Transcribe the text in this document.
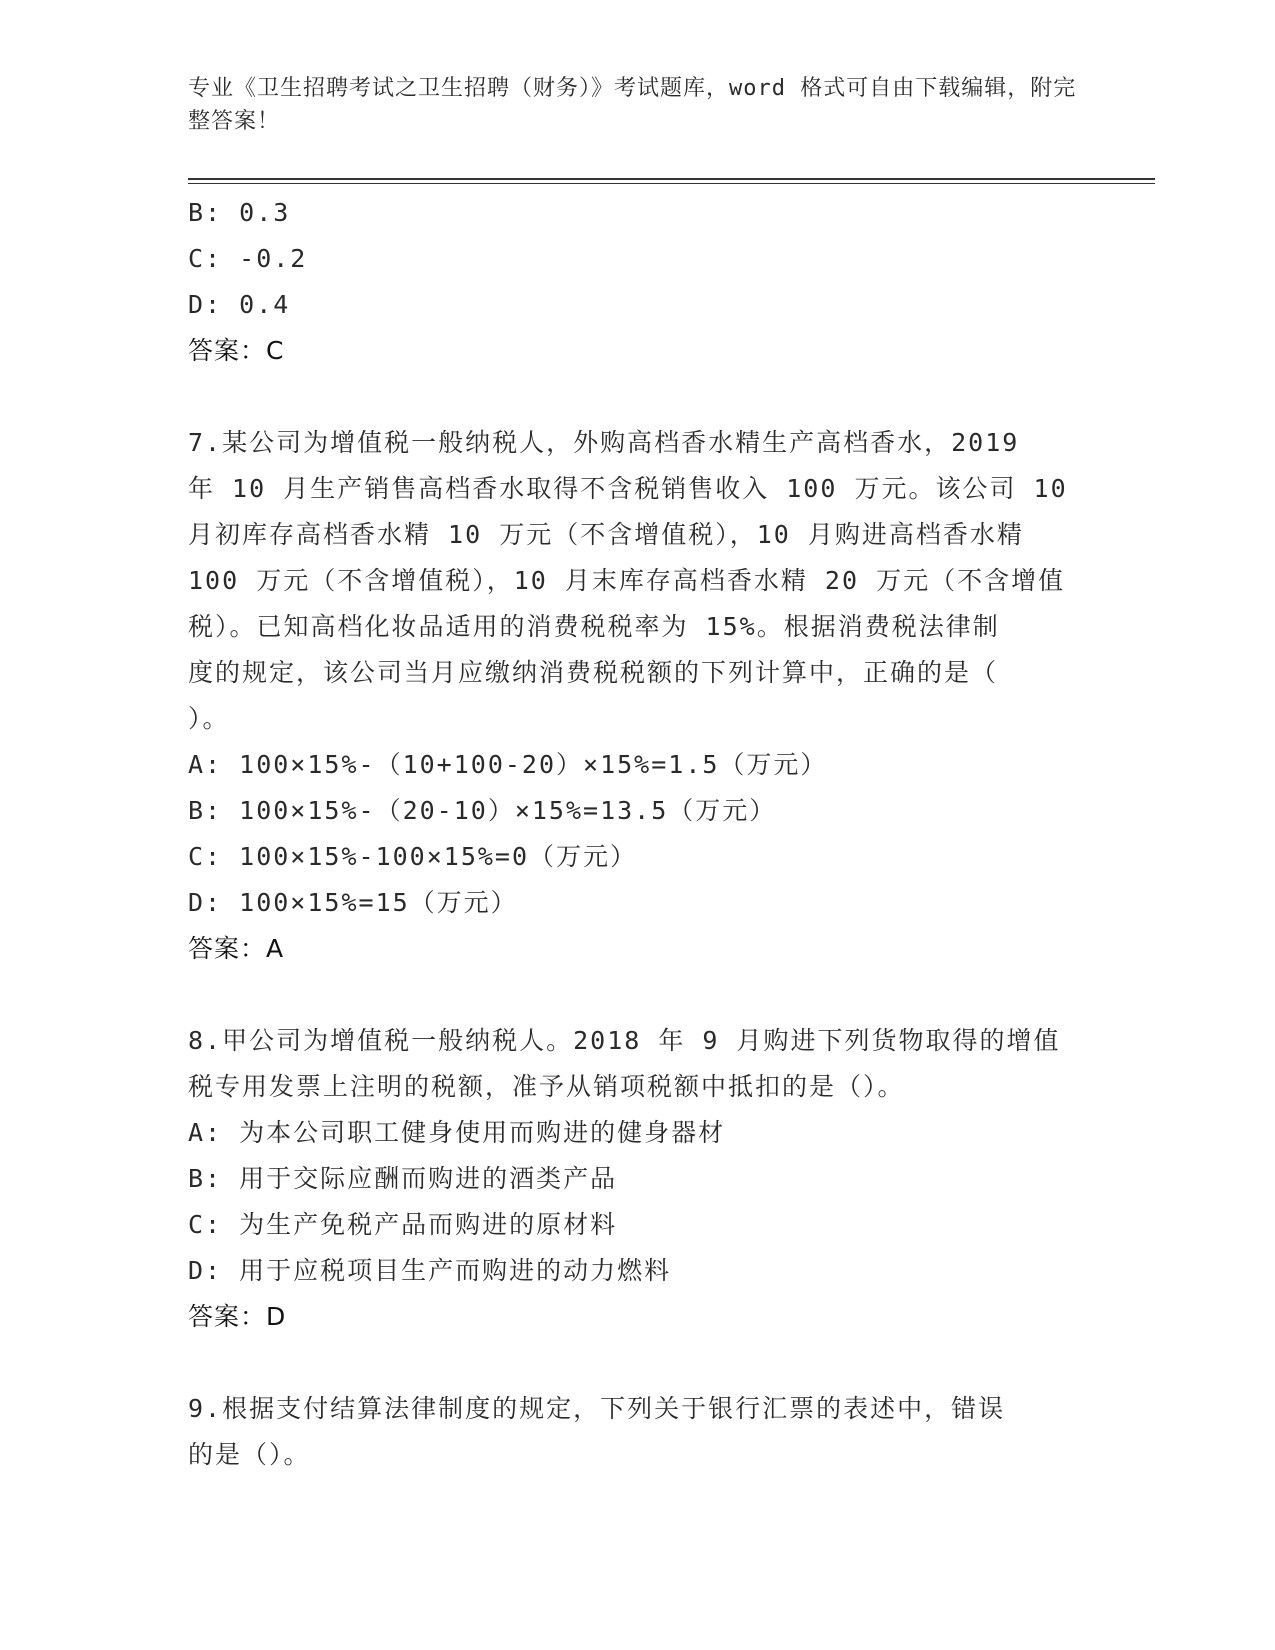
专业《卫生招聘考试之卫生招聘（财务）》考试题库，word 格式可自由下载编辑，附完整答案！
B: 0.3
C: -0.2
D: 0.4
答案：C
7.某公司为增值税一般纳税人，外购高档香水精生产高档香水，2019
年 10 月生产销售高档香水取得不含税销售收入 100 万元。该公司 10
月初库存高档香水精 10 万元（不含增值税），10 月购进高档香水精
100 万元（不含增值税），10 月末库存高档香水精 20 万元（不含增值
税）。已知高档化妆品适用的消费税税率为 15%。根据消费税法律制
度的规定，该公司当月应缴纳消费税税额的下列计算中，正确的是（
）。
A: 100×15%-（10+100-20）×15%=1.5（万元）
B: 100×15%-（20-10）×15%=13.5（万元）
C: 100×15%-100×15%=0（万元）
D: 100×15%=15（万元）
答案：A
8.甲公司为增值税一般纳税人。2018 年 9 月购进下列货物取得的增值
税专用发票上注明的税额，准予从销项税额中抵扣的是（）。
A: 为本公司职工健身使用而购进的健身器材
B: 用于交际应酬而购进的酒类产品
C: 为生产免税产品而购进的原材料
D: 用于应税项目生产而购进的动力燃料
答案：D
9.根据支付结算法律制度的规定，下列关于银行汇票的表述中，错误
的是（）。
